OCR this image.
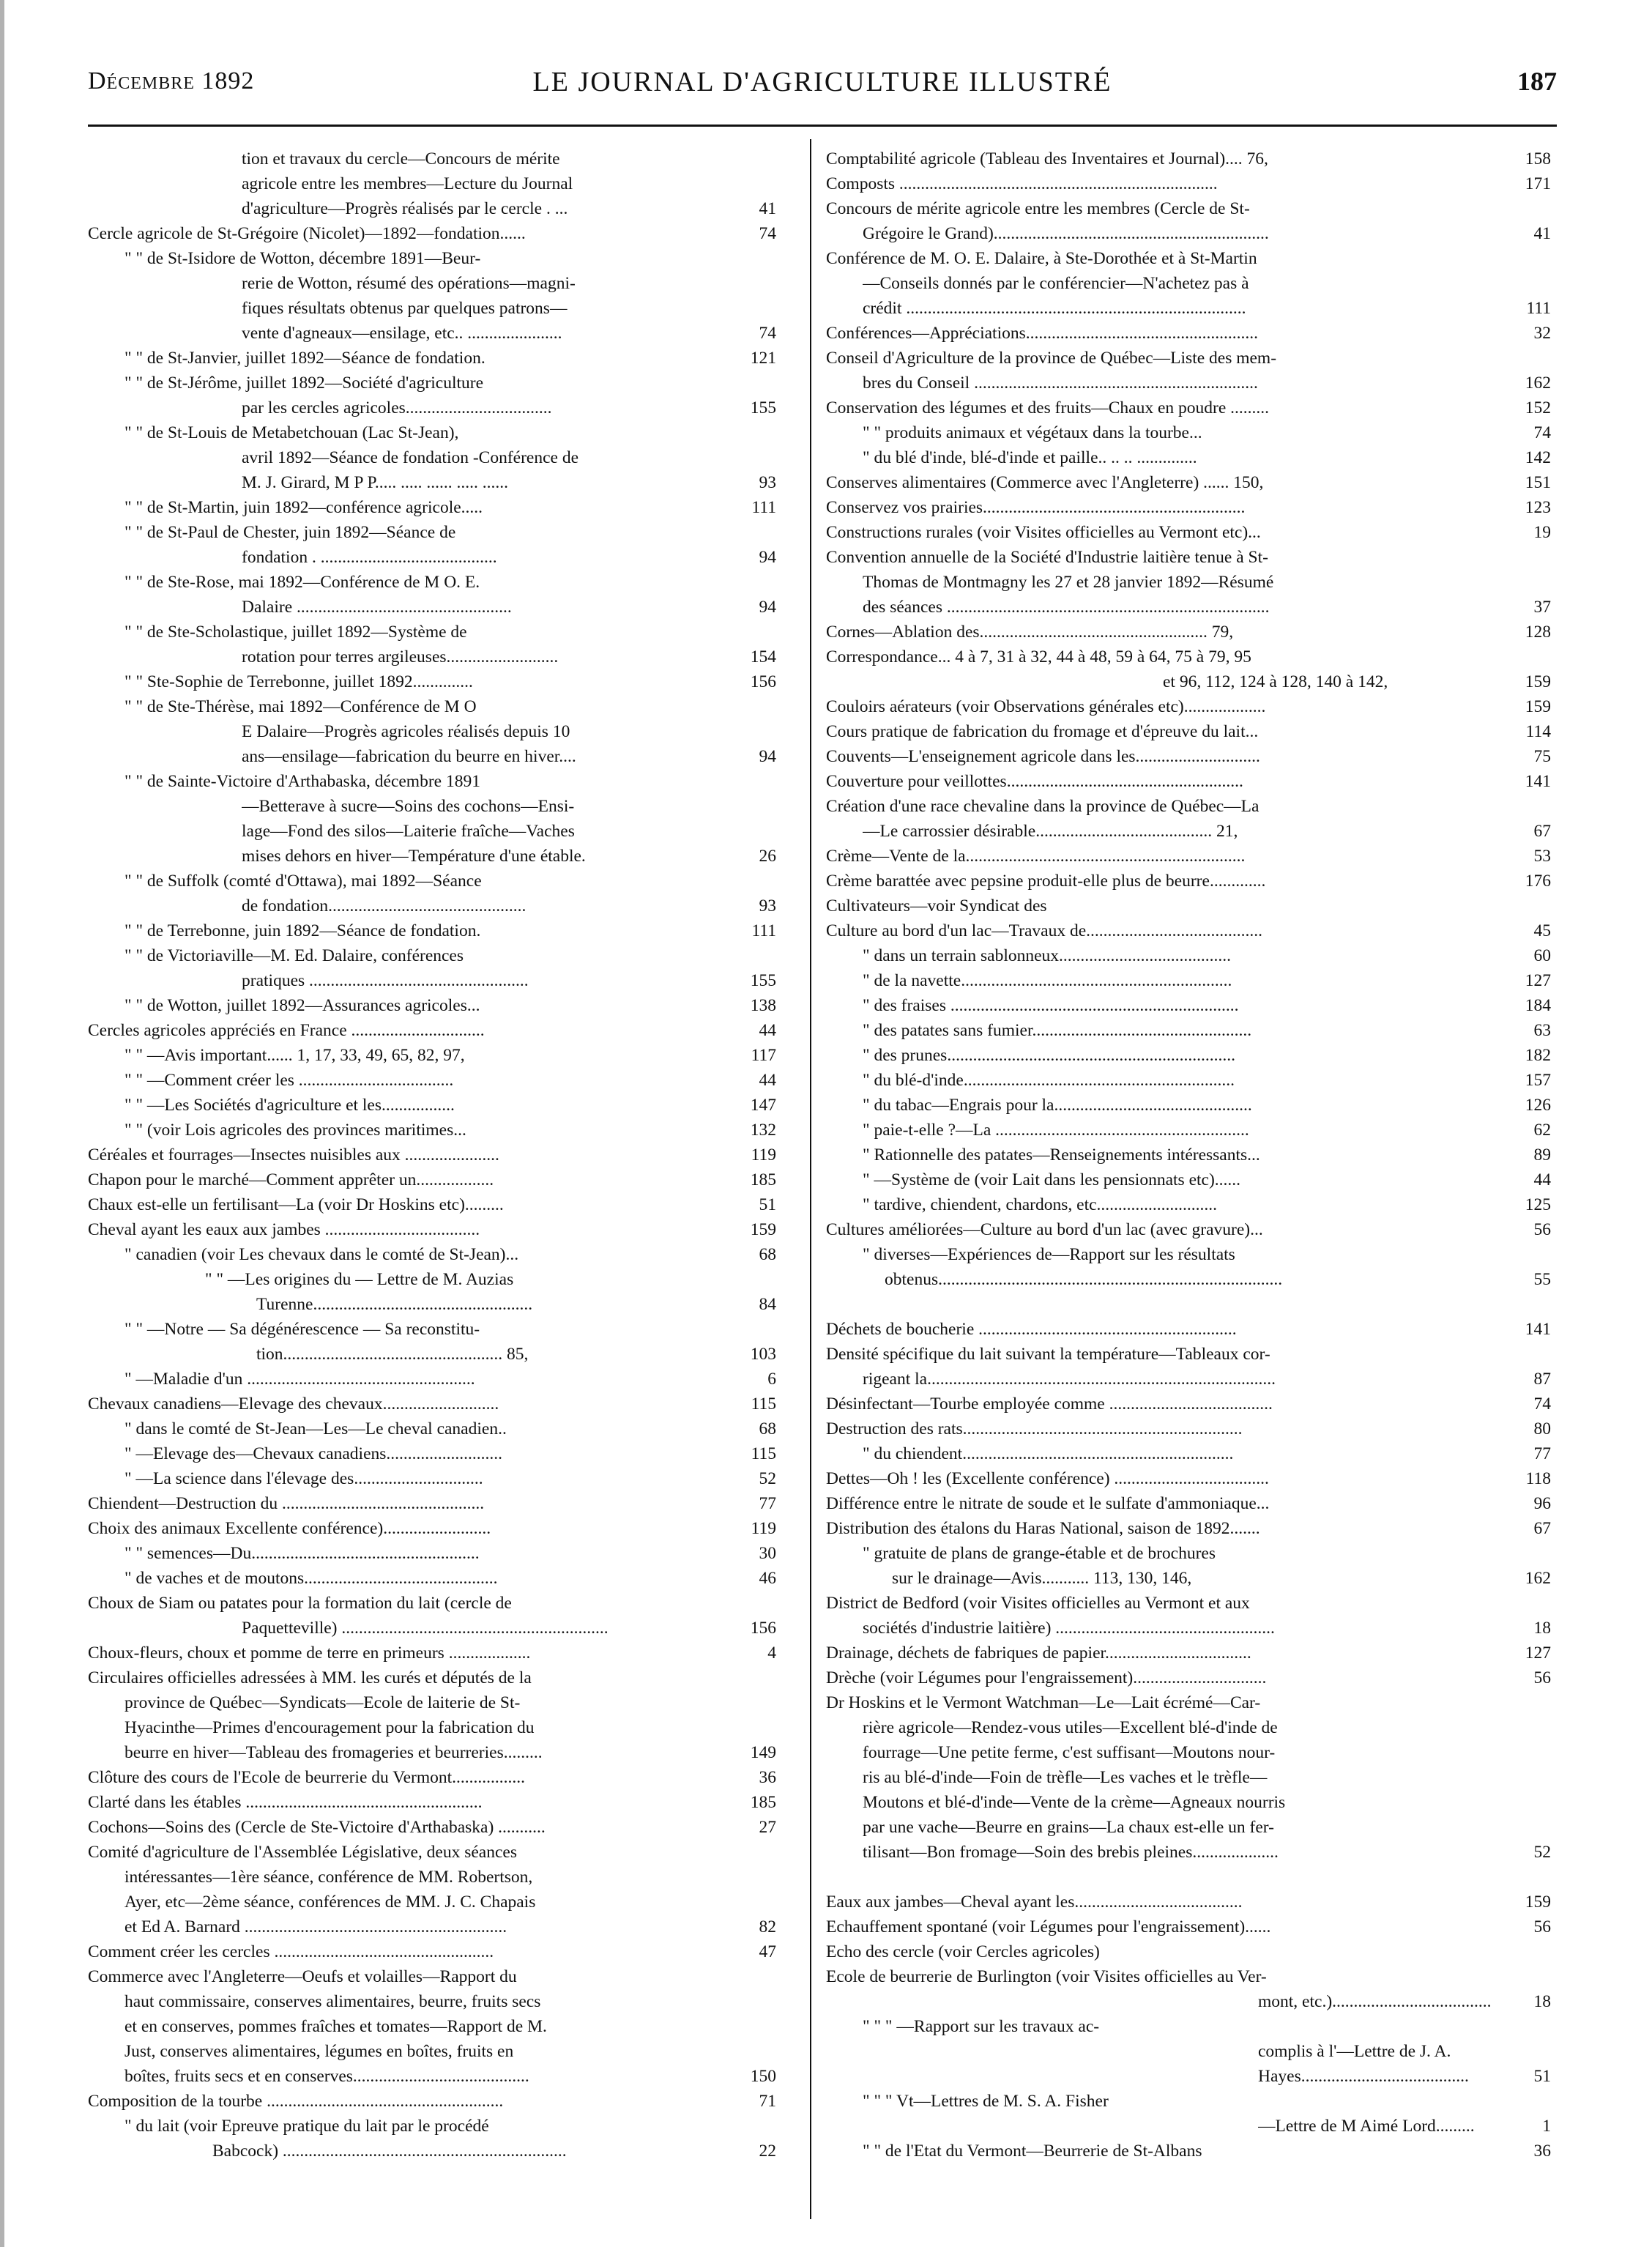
Décembre 1892	LE JOURNAL D'AGRICULTURE ILLUSTRÉ	187
tion et travaux du cercle—Concours de mérite
agricole entre les membres—Lecture du Journal
d'agriculture—Progrès réalisés par le cercle . ...	41
Cercle agricole de St-Grégoire (Nicolet)—1892—fondation......	74
" " de St-Isidore de Wotton, décembre 1891—Beur-
rerie de Wotton, résumé des opérations—magni-
fiques résultats obtenus par quelques patrons—
vente d'agneaux—ensilage, etc.. ......................	74
" " de St-Janvier, juillet 1892—Séance de fondation.	121
" " de St-Jérôme, juillet 1892—Société d'agriculture
par les cercles agricoles..................................	155
" " de St-Louis de Metabetchouan (Lac St-Jean),
avril 1892—Séance de fondation -Conférence de
M. J. Girard, M P P..... ..... ...... ..... ......	93
" " de St-Martin, juin 1892—conférence agricole.....	111
" " de St-Paul de Chester, juin 1892—Séance de
fondation . .........................................	94
" " de Ste-Rose, mai 1892—Conférence de M O. E.
Dalaire ..................................................	94
" " de Ste-Scholastique, juillet 1892—Système de
rotation pour terres argileuses..........................	154
" " Ste-Sophie de Terrebonne, juillet 1892..............	156
" " de Ste-Thérèse, mai 1892—Conférence de M O
E Dalaire—Progrès agricoles réalisés depuis 10
ans—ensilage—fabrication du beurre en hiver....	94
" " de Sainte-Victoire d'Arthabaska, décembre 1891
—Betterave à sucre—Soins des cochons—Ensi-
lage—Fond des silos—Laiterie fraîche—Vaches
mises dehors en hiver—Température d'une étable.	26
" " de Suffolk (comté d'Ottawa), mai 1892—Séance
de fondation..............................................	93
" " de Terrebonne, juin 1892—Séance de fondation.	111
" " de Victoriaville—M. Ed. Dalaire, conférences
pratiques ...................................................	155
" " de Wotton, juillet 1892—Assurances agricoles...	138
Cercles agricoles appréciés en France ...............................	44
" " —Avis important...... 1, 17, 33, 49, 65, 82, 97,	117
" " —Comment créer les ....................................	44
" " —Les Sociétés d'agriculture et les.................	147
" " (voir Lois agricoles des provinces maritimes...	132
Céréales et fourrages—Insectes nuisibles aux ......................	119
Chapon pour le marché—Comment apprêter un..................	185
Chaux est-elle un fertilisant—La (voir Dr Hoskins etc).........	51
Cheval ayant les eaux aux jambes ....................................	159
" canadien (voir Les chevaux dans le comté de St-Jean)...	68
" " —Les origines du — Lettre de M. Auzias
Turenne...................................................	84
" " —Notre — Sa dégénérescence — Sa reconstitu-
tion................................................... 85,	103
" —Maladie d'un .....................................................	6
Chevaux canadiens—Elevage des chevaux...........................	115
" dans le comté de St-Jean—Les—Le cheval canadien..	68
" —Elevage des—Chevaux canadiens...........................	115
" —La science dans l'élevage des..............................	52
Chiendent—Destruction du ...............................................	77
Choix des animaux Excellente conférence).........................	119
" " semences—Du.....................................................	30
" de vaches et de moutons.............................................	46
Choux de Siam ou patates pour la formation du lait (cercle de
Paquetteville) ..............................................................	156
Choux-fleurs, choux et pomme de terre en primeurs ...................	4
Circulaires officielles adressées à MM. les curés et députés de la
province de Québec—Syndicats—Ecole de laiterie de St-
Hyacinthe—Primes d'encouragement pour la fabrication du
beurre en hiver—Tableau des fromageries et beurreries.........	149
Clôture des cours de l'Ecole de beurrerie du Vermont.................	36
Clarté dans les étables .......................................................	185
Cochons—Soins des (Cercle de Ste-Victoire d'Arthabaska) ...........	27
Comité d'agriculture de l'Assemblée Législative, deux séances
intéressantes—1ère séance, conférence de MM. Robertson,
Ayer, etc—2ème séance, conférences de MM. J. C. Chapais
et Ed A. Barnard .............................................................	82
Comment créer les cercles ...................................................	47
Commerce avec l'Angleterre—Oeufs et volailles—Rapport du
haut commissaire, conserves alimentaires, beurre, fruits secs
et en conserves, pommes fraîches et tomates—Rapport de M.
Just, conserves alimentaires, légumes en boîtes, fruits en
boîtes, fruits secs et en conserves.........................................	150
Composition de la tourbe .......................................................	71
" du lait (voir Epreuve pratique du lait par le procédé
Babcock) ..................................................................	22
Comptabilité agricole (Tableau des Inventaires et Journal).... 76,	158
Composts ..........................................................................	171
Concours de mérite agricole entre les membres (Cercle de St-
Grégoire le Grand)................................................................	41
Conférence de M. O. E. Dalaire, à Ste-Dorothée et à St-Martin
—Conseils donnés par le conférencier—N'achetez pas à
crédit ...............................................................................	111
Conférences—Appréciations......................................................	32
Conseil d'Agriculture de la province de Québec—Liste des mem-
bres du Conseil ..................................................................	162
Conservation des légumes et des fruits—Chaux en poudre .........	152
" " produits animaux et végétaux dans la tourbe...	74
" du blé d'inde, blé-d'inde et paille.. .. .. ..............	142
Conserves alimentaires (Commerce avec l'Angleterre) ...... 150,	151
Conservez vos prairies.............................................................	123
Constructions rurales (voir Visites officielles au Vermont etc)...	19
Convention annuelle de la Société d'Industrie laitière tenue à St-
Thomas de Montmagny les 27 et 28 janvier 1892—Résumé
des séances ...........................................................................	37
Cornes—Ablation des..................................................... 79,	128
Correspondance... 4 à 7, 31 à 32, 44 à 48, 59 à 64, 75 à 79, 95
et 96, 112, 124 à 128, 140 à 142,	159
Couloirs aérateurs (voir Observations générales etc)...................	159
Cours pratique de fabrication du fromage et d'épreuve du lait...	114
Couvents—L'enseignement agricole dans les.............................	75
Couverture pour veillottes.......................................................	141
Création d'une race chevaline dans la province de Québec—La
—Le carrossier désirable......................................... 21,	67
Crème—Vente de la.................................................................	53
Crème barattée avec pepsine produit-elle plus de beurre.............	176
Cultivateurs—voir Syndicat des
Culture au bord d'un lac—Travaux de.........................................	45
" dans un terrain sablonneux........................................	60
" de la navette...............................................................	127
" des fraises ...................................................................	184
" des patates sans fumier...................................................	63
" des prunes...................................................................	182
" du blé-d'inde...............................................................	157
" du tabac—Engrais pour la..............................................	126
" paie-t-elle ?—La ...........................................................	62
" Rationnelle des patates—Renseignements intéressants...	89
" —Système de (voir Lait dans les pensionnats etc)......	44
" tardive, chiendent, chardons, etc............................	125
Cultures améliorées—Culture au bord d'un lac (avec gravure)...	56
" diverses—Expériences de—Rapport sur les résultats
obtenus................................................................................	55
Déchets de boucherie ............................................................	141
Densité spécifique du lait suivant la température—Tableaux cor-
rigeant la.................................................................................	87
Désinfectant—Tourbe employée comme ......................................	74
Destruction des rats.................................................................	80
" du chiendent...............................................................	77
Dettes—Oh ! les (Excellente conférence) ....................................	118
Différence entre le nitrate de soude et le sulfate d'ammoniaque...	96
Distribution des étalons du Haras National, saison de 1892.......	67
" gratuite de plans de grange-étable et de brochures
sur le drainage—Avis........... 113, 130, 146,	162
District de Bedford (voir Visites officielles au Vermont et aux
sociétés d'industrie laitière) ...................................................	18
Drainage, déchets de fabriques de papier..................................	127
Drèche (voir Légumes pour l'engraissement)...............................	56
Dr Hoskins et le Vermont Watchman—Le—Lait écrémé—Car-
rière agricole—Rendez-vous utiles—Excellent blé-d'inde de
fourrage—Une petite ferme, c'est suffisant—Moutons nour-
ris au blé-d'inde—Foin de trèfle—Les vaches et le trèfle—
Moutons et blé-d'inde—Vente de la crème—Agneaux nourris
par une vache—Beurre en grains—La chaux est-elle un fer-
tilisant—Bon fromage—Soin des brebis pleines....................	52
Eaux aux jambes—Cheval ayant les.......................................	159
Echauffement spontané (voir Légumes pour l'engraissement)......	56
Echo des cercle (voir Cercles agricoles)
Ecole de beurrerie de Burlington (voir Visites officielles au Ver-
mont, etc.).....................................	18
" " " —Rapport sur les travaux ac-
complis à l'—Lettre de J. A.
Hayes.......................................	51
" " " Vt—Lettres de M. S. A. Fisher
—Lettre de M Aimé Lord.........	1
" " de l'Etat du Vermont—Beurrerie de St-Albans	36
